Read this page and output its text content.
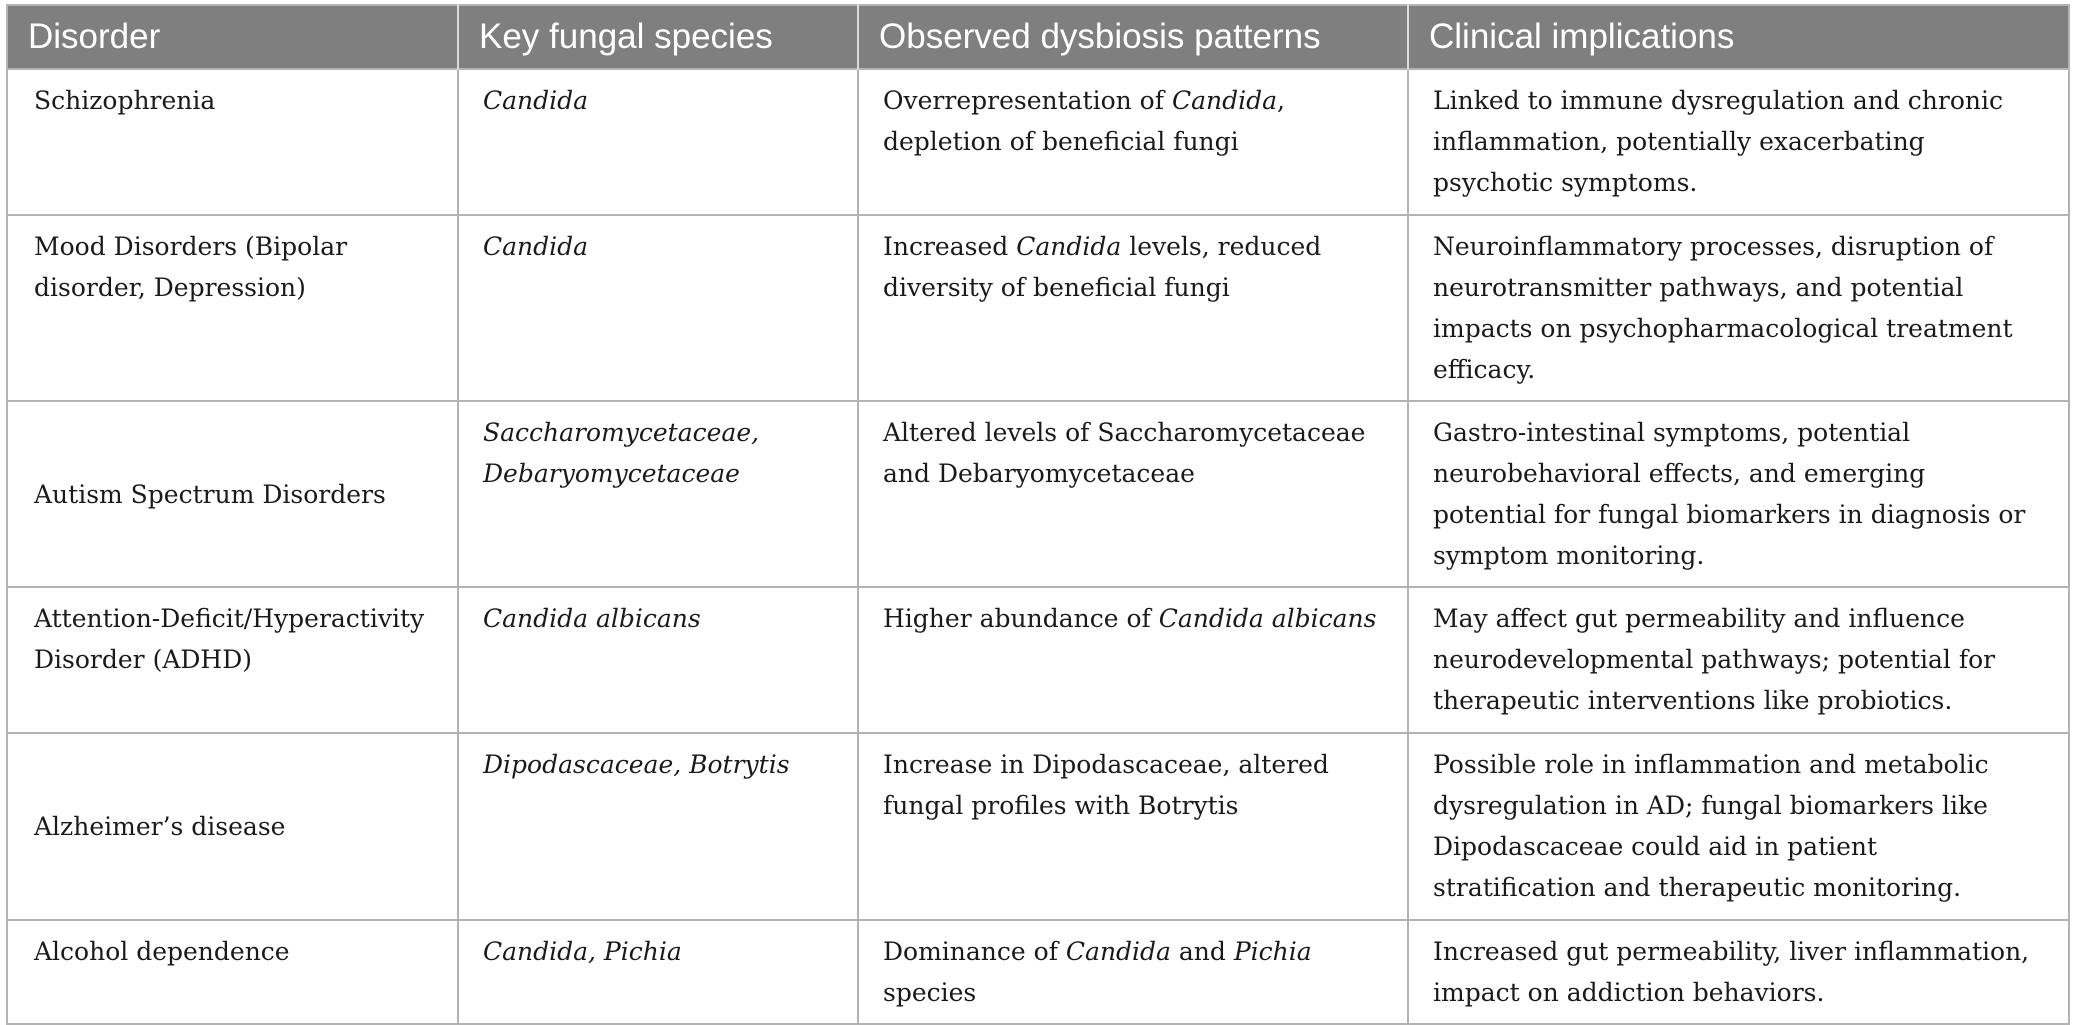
Disorder	Key fungal species	Observed dysbiosis patterns	Clinical implications
Schizophrenia	Candida	Overrepresentation of Candida, depletion of beneficial fungi	Linked to immune dysregulation and chronic inflammation, potentially exacerbating psychotic symptoms.
Mood Disorders (Bipolar disorder, Depression)	Candida	Increased Candida levels, reduced diversity of beneficial fungi	Neuroinflammatory processes, disruption of neurotransmitter pathways, and potential impacts on psychopharmacological treatment efficacy.
Autism Spectrum Disorders	Saccharomycetaceae, Debaryomycetaceae	Altered levels of Saccharomycetaceae and Debaryomycetaceae	Gastro-intestinal symptoms, potential neurobehavioral effects, and emerging potential for fungal biomarkers in diagnosis or symptom monitoring.
Attention-Deficit/Hyperactivity Disorder (ADHD)	Candida albicans	Higher abundance of Candida albicans	May affect gut permeability and influence neurodevelopmental pathways; potential for therapeutic interventions like probiotics.
Alzheimer’s disease	Dipodascaceae, Botrytis	Increase in Dipodascaceae, altered fungal profiles with Botrytis	Possible role in inflammation and metabolic dysregulation in AD; fungal biomarkers like Dipodascaceae could aid in patient stratification and therapeutic monitoring.
Alcohol dependence	Candida, Pichia	Dominance of Candida and Pichia species	Increased gut permeability, liver inflammation, impact on addiction behaviors.
